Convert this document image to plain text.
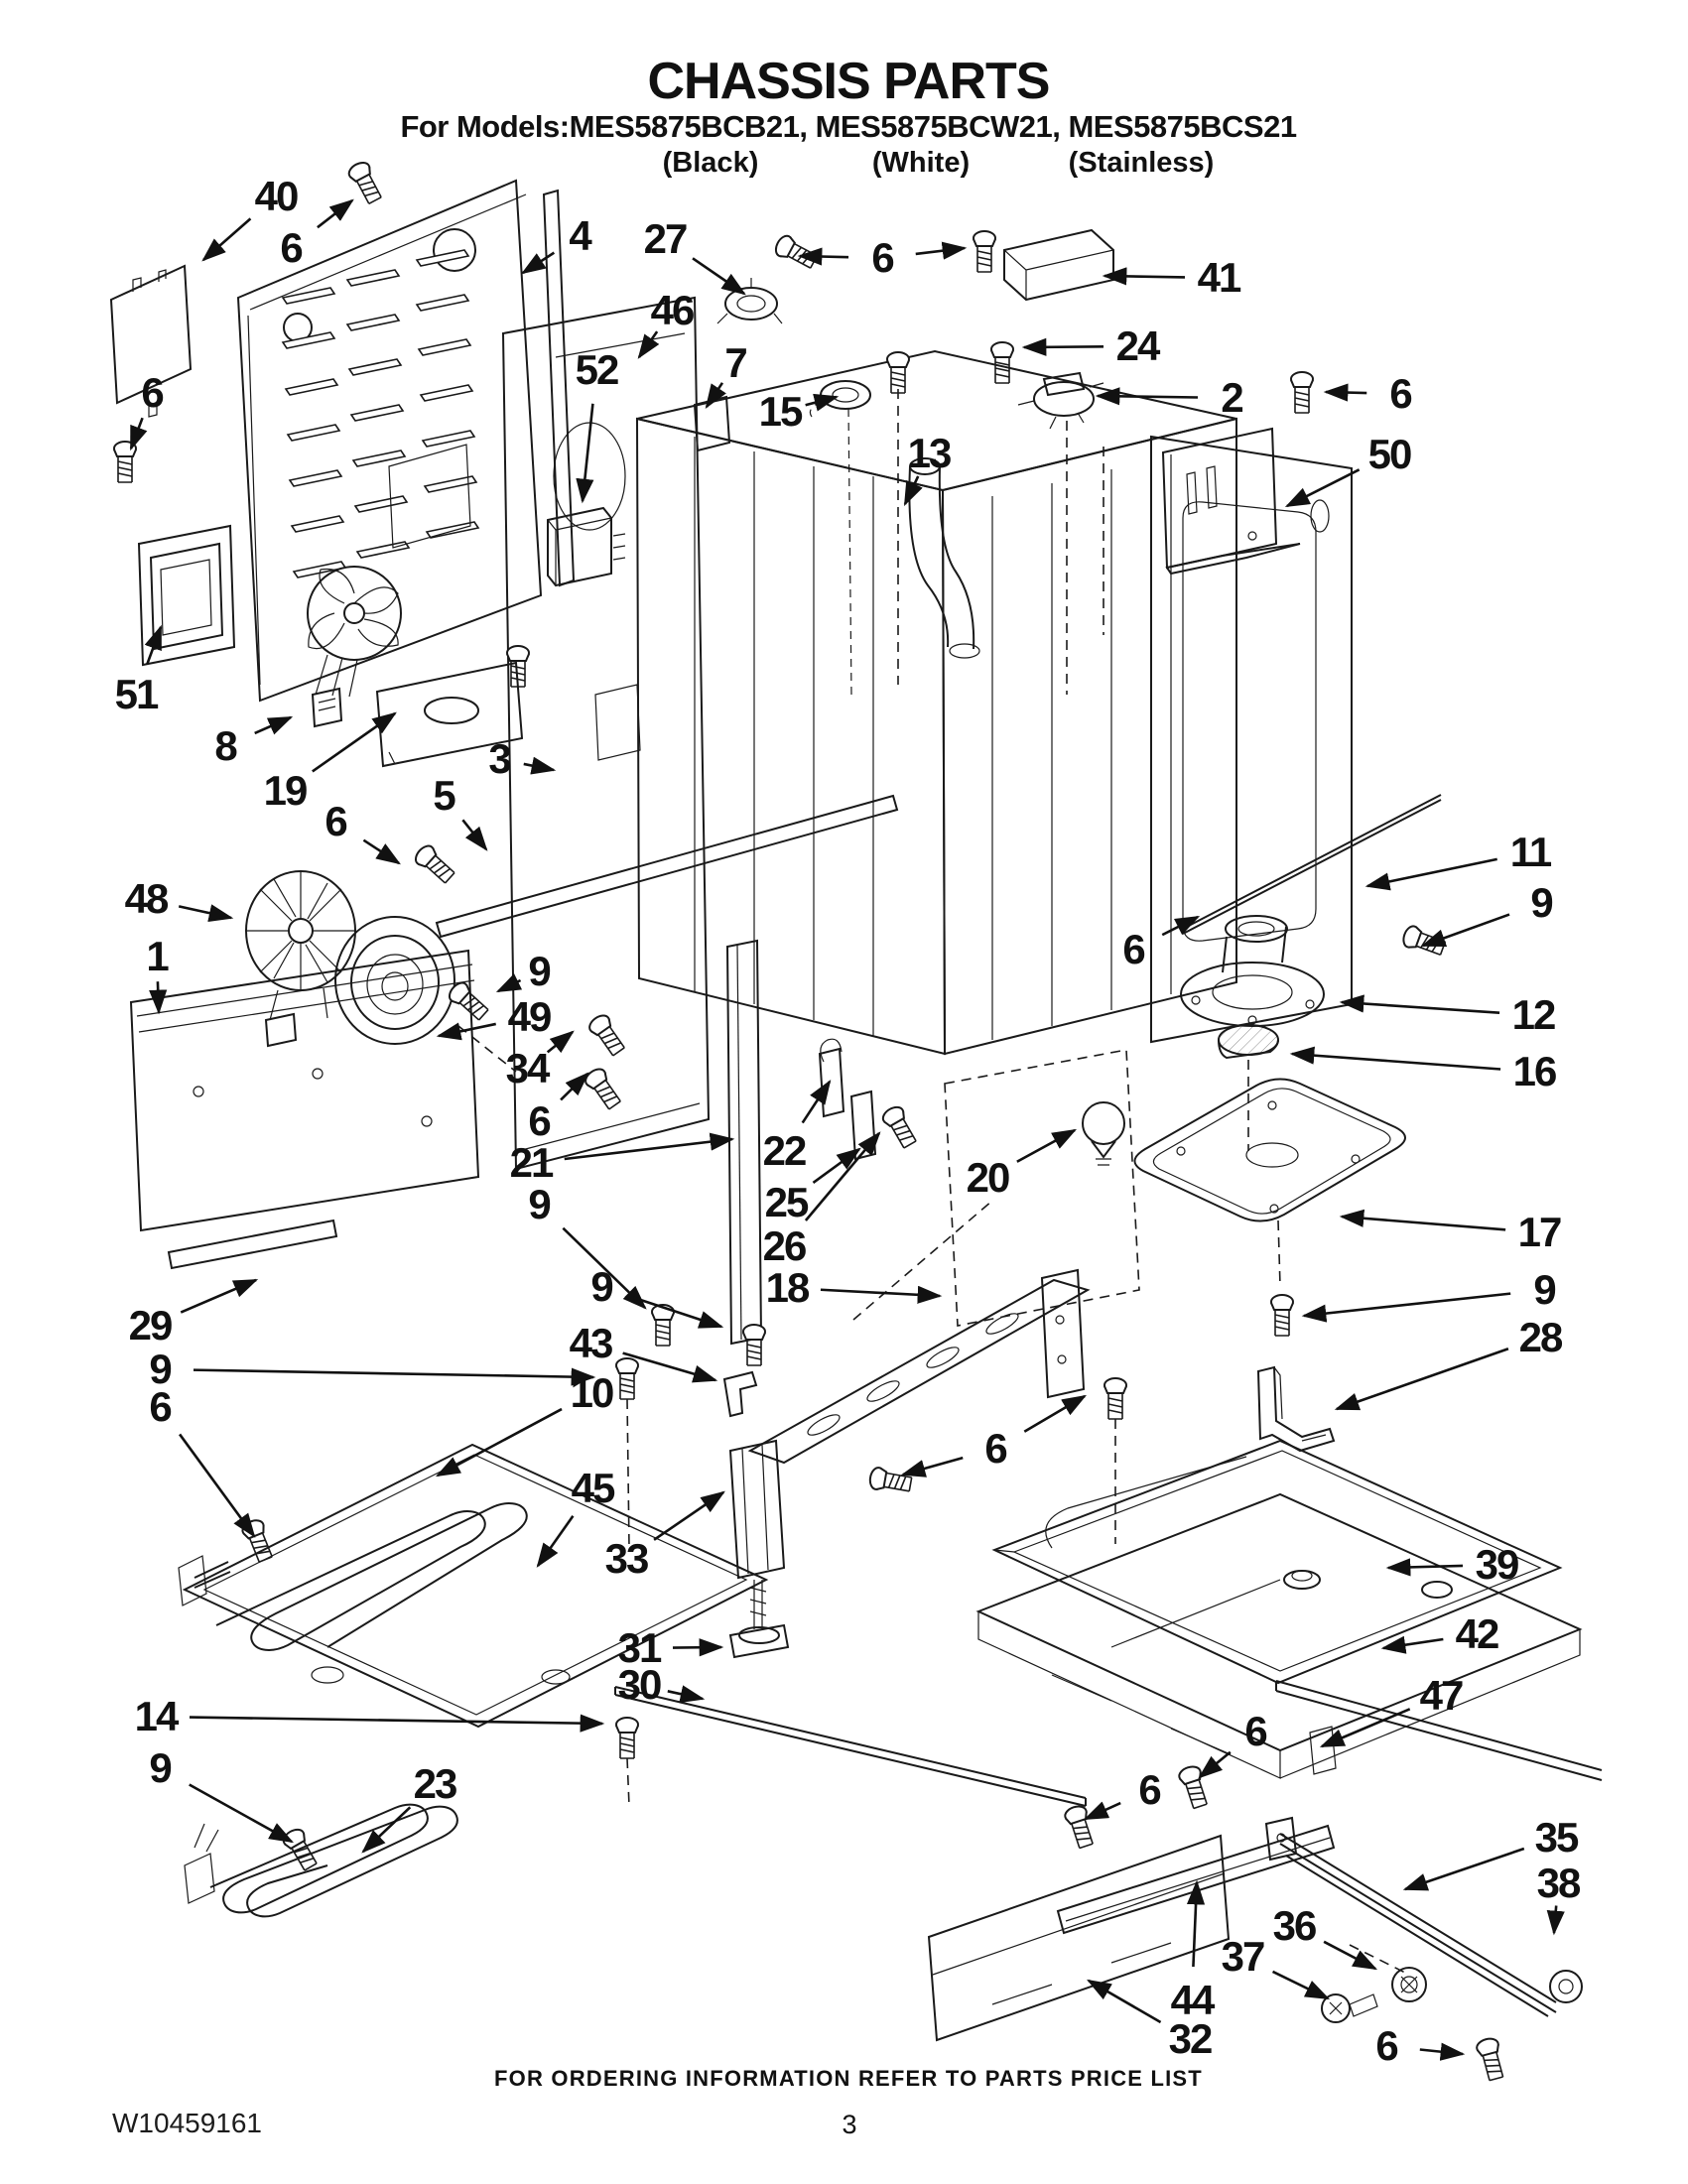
CHASSIS PARTS
For Models:MES5875BCB21, MES5875BCW21, MES5875BCS21
(Black)	(White)	(Stainless)
40
6	4 27
46
7
15
6
13
41
24
2	6
50
52
6
51
8
19
3
5
6
48
1	9
49
34
6
21
9
22
25
26
18
20
11
9
6
12
16
17
9
28
29
9
6
9
43
10
45
33
31
30
14
9	23
6
39
42
47
6
6
35
38
36
37
44
32	6
FOR ORDERING INFORMATION REFER TO PARTS PRICE LIST
W10459161	3
